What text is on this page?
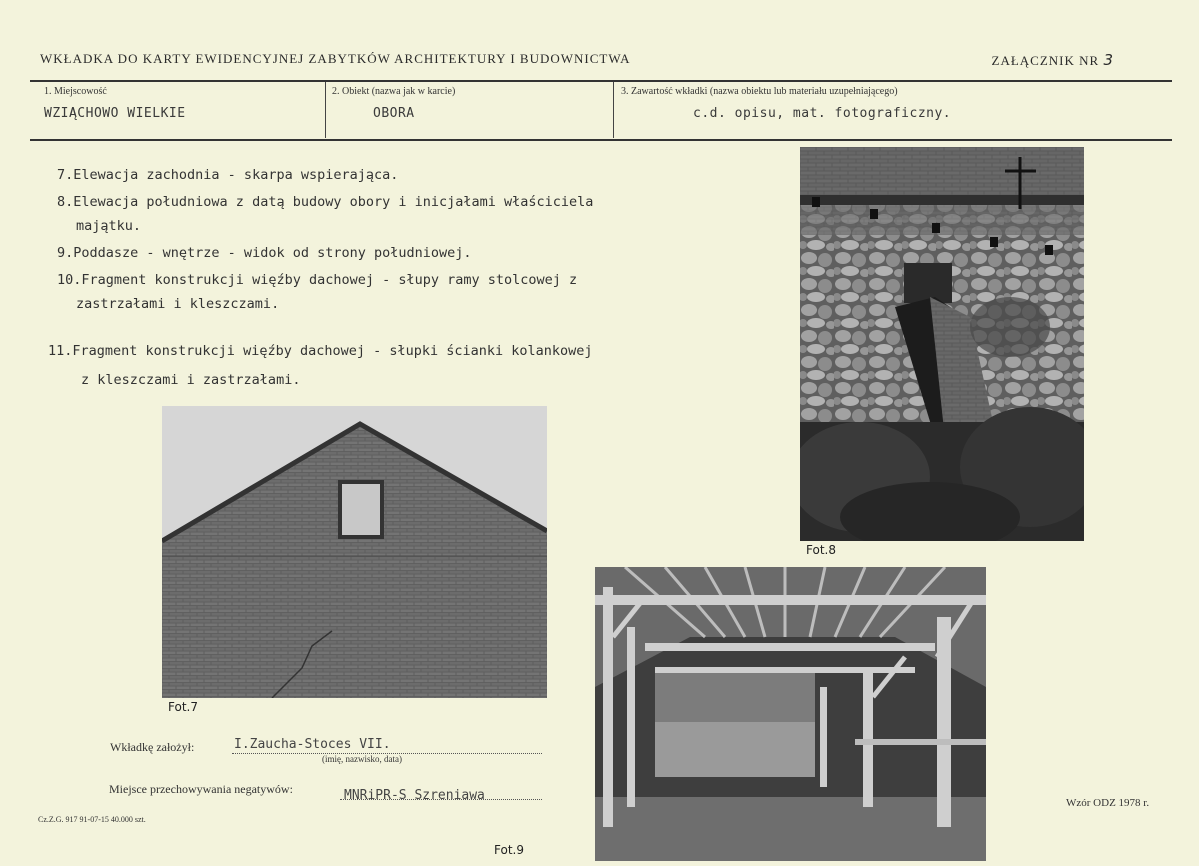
WKŁADKA DO KARTY EWIDENCYJNEJ ZABYTKÓW ARCHITEKTURY I BUDOWNICTWA	ZAŁĄCZNIK NR 3
1. Miejscowość
WZIĄCHOWO WIELKIE
2. Obiekt (nazwa jak w karcie)
OBORA
3. Zawartość wkładki (nazwa obiektu lub materiału uzupełniającego)
c.d. opisu, mat. fotograficzny.
7.Elewacja zachodnia - skarpa wspierająca.
8.Elewacja południowa z datą budowy obory i inicjałami właściciela
majątku.
9.Poddasze - wnętrze - widok od strony południowej.
10.Fragment konstrukcji więźby dachowej - słupy ramy stolcowej z
zastrzałami i kleszczami.
11.Fragment konstrukcji więźby dachowej - słupki ścianki kolankowej
z kleszczami i zastrzałami.
Fot.8
Fot.7
Fot.9
Wkładkę założył:	I.Zaucha-Stoces VII.
(imię, nazwisko, data)
Miejsce przechowywania negatywów:	MNRiPR-S Szreniawa
Cz.Z.G. 917 91-07-15 40.000 szt.
Wzór ODZ 1978 r.
